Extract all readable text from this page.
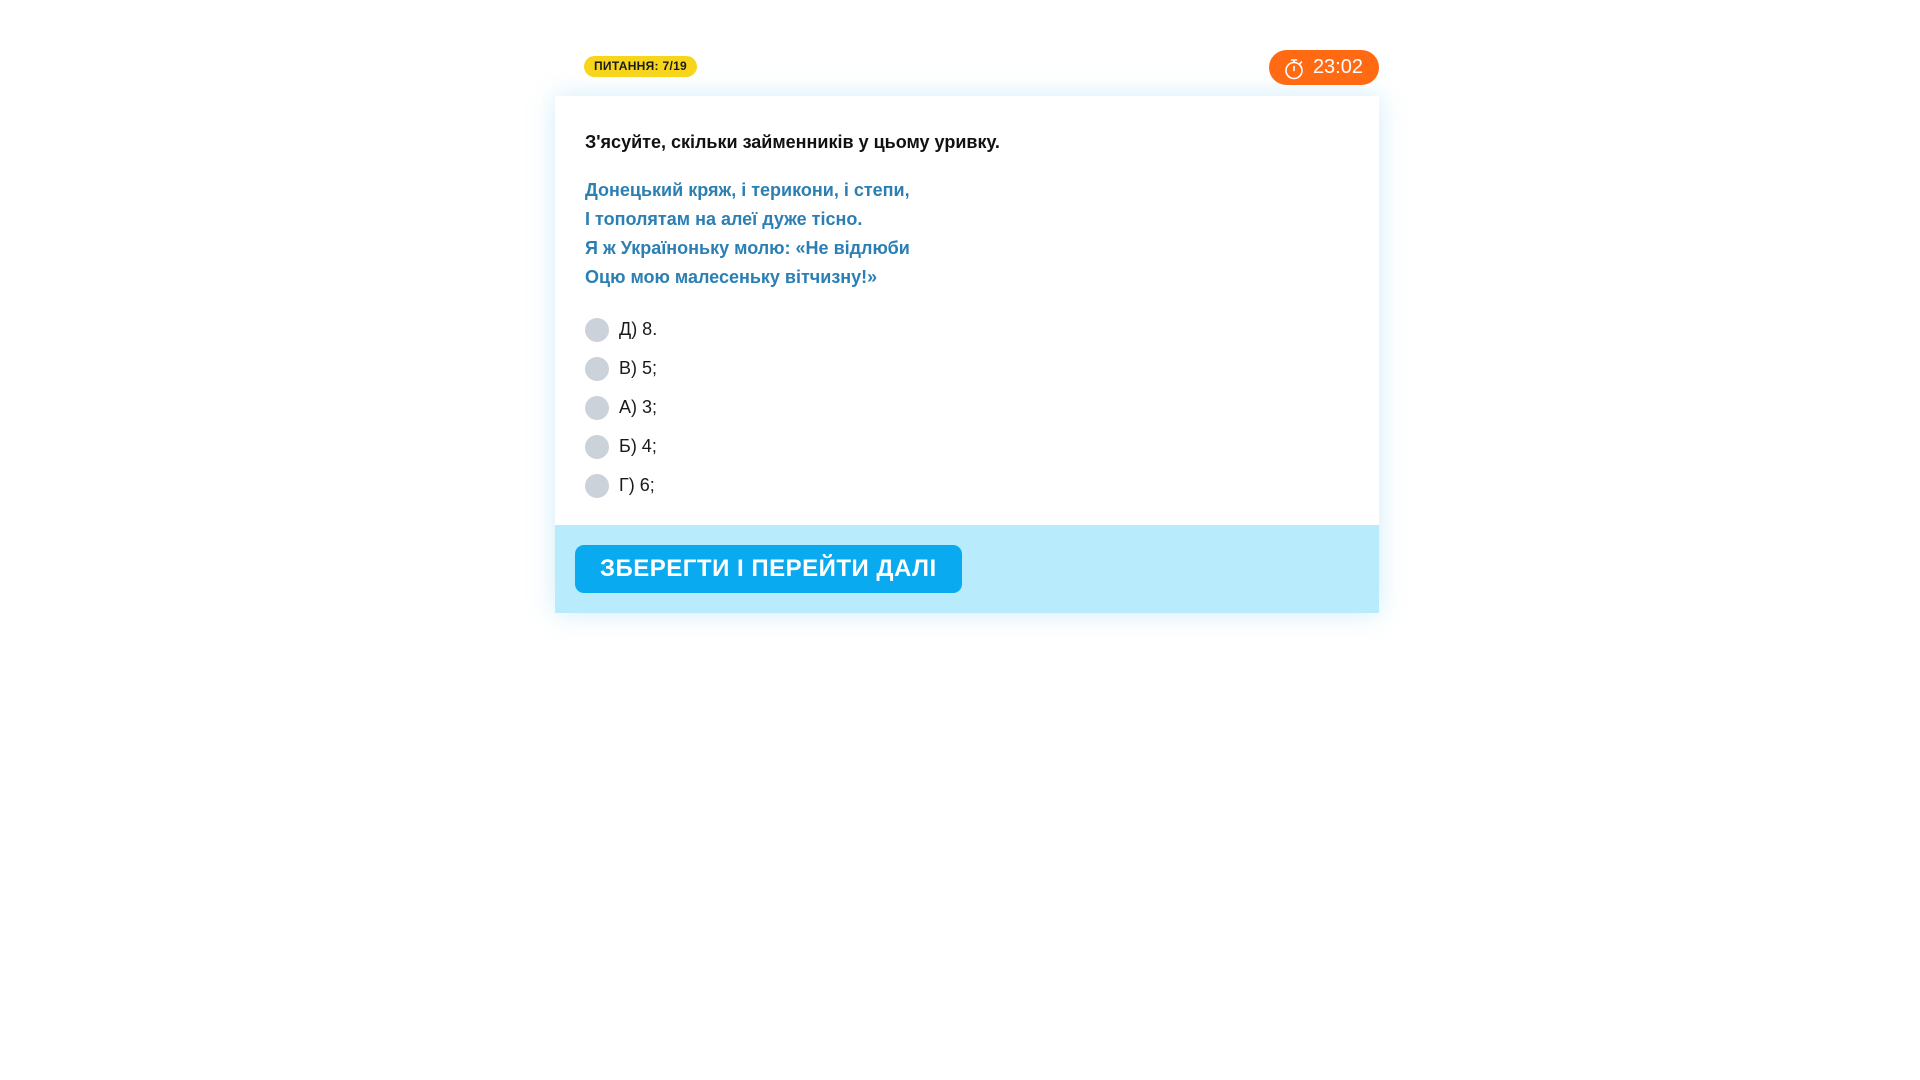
ПИТАННЯ: 7/19	23:02

З'ясуйте, скільки займенників у цьому уривку.

Донецький кряж, і терикони, і степи,
І тополятам на алеї дуже тісно.
Я ж Україноньку молю: «Не відлюби
Оцю мою малесеньку вітчизну!»
Д) 8.
В) 5;
А) 3;
Б) 4;
Г) 6;
ЗБЕРЕГТИ І ПЕРЕЙТИ ДАЛІ
